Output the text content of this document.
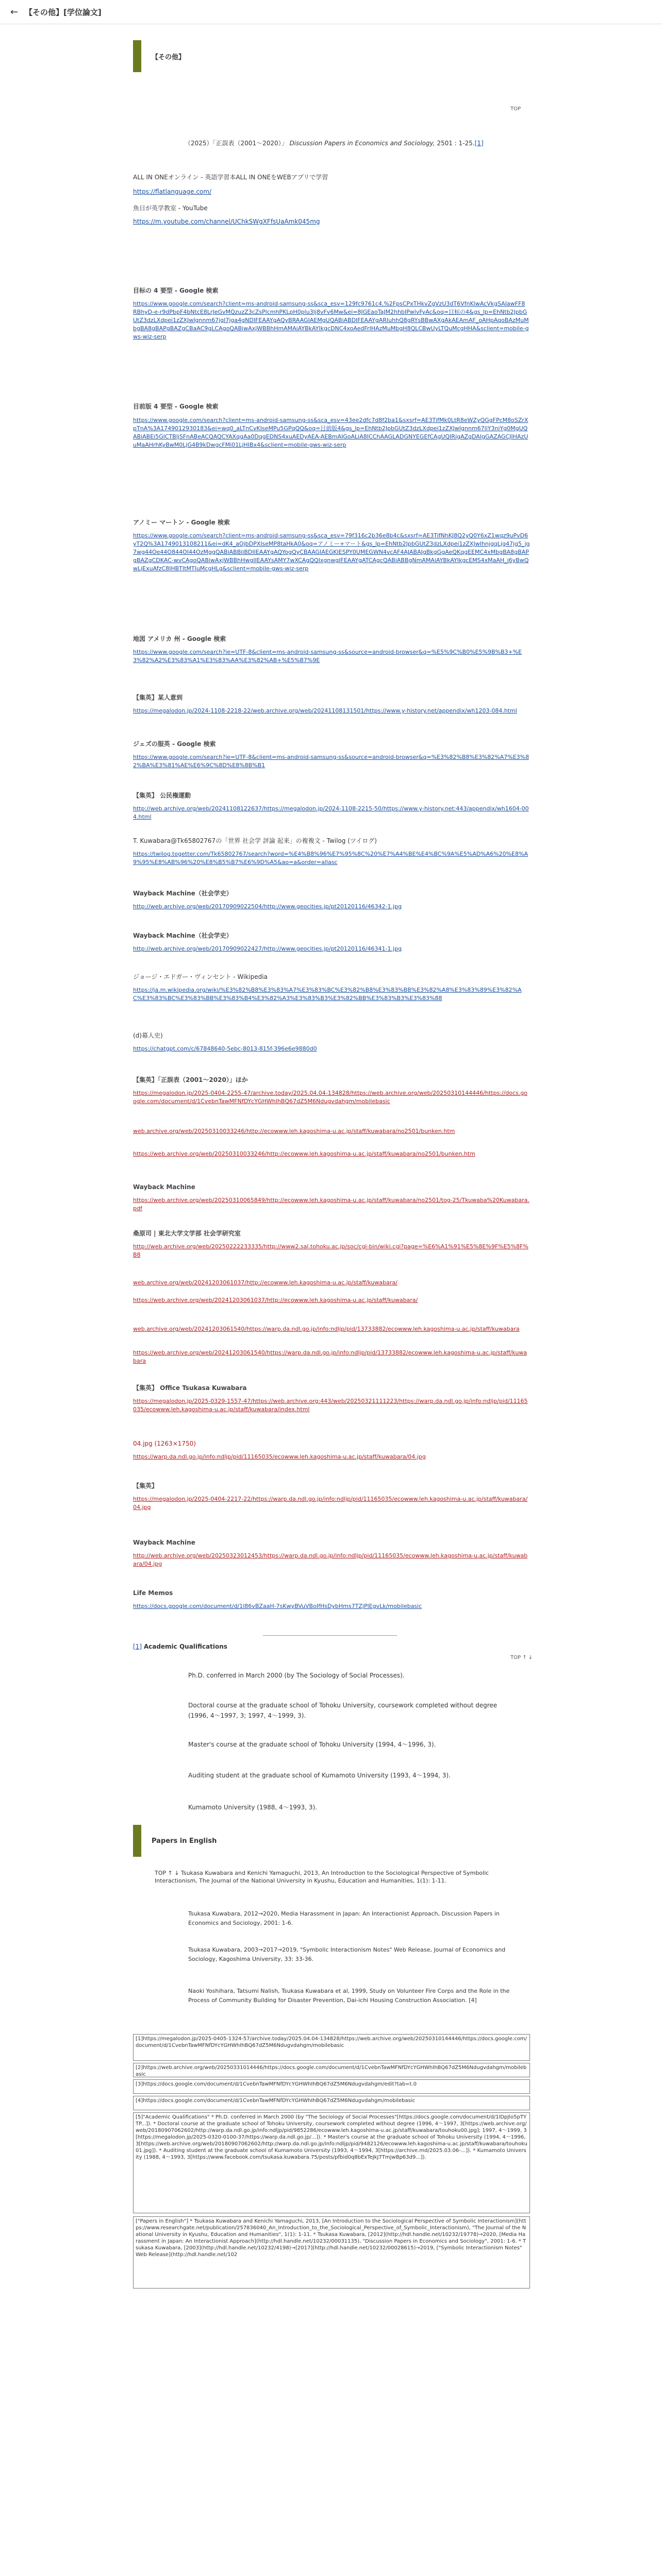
← 【その他】[学位論文]
【その他】
TOP
（2025）「正誤表（2001〜2020）」 Discussion Papers in Economics and Sociology, 2501 : 1-25.[1]
ALL IN ONEオンライン - 英語学習本ALL IN ONEをWEBアプリで学習
https://flatlanguage.com/
魚日が英学教室 - YouTube
https://m.youtube.com/channel/UChkSWgXFfsUaAmk045mg
目标の 4 要型 - Google 検索
https://www.google.com/search?client=ms-android-samsung-ss&sca_esv=129fc9761c4.%2FpsCPxTHkvZgVzU3dT6VfnKlwAcVkgSAIawFF8 RBhyD-e-r9dPbpF4bNtcE8LrJeGvMQzuzZ3cZsPlcmhPKLpH0plu3Ij8vFv6Mw&ei=8JGEaoTaJM2hhbIPwlvFyAc&oq=目标の4&gs_lp=EhNtb2JpbGUtZ3dzLXdpei1zZXJwIgnnm67jgI7jga4gNDIFEAAYgAQyBRAAGIAEMgUQABiABDIFEAAYgARIuhhQ8gRYsBBwAXgAkAEAmAF_oAHpAqoBAzMuMbgBA8gBAPgBAZgCBaAC9gLCAgoQABiwAxjWBBhHmAMAiAYBkAYIkgcDNC4xoAedFrIHAzMuMbgH8QLCBwUyLTQuMcgHHA&sclient=mobile-gws-wiz-serp
目前版 4 要型 - Google 検索
https://www.google.com/search?client=ms-android-samsung-ss&sca_esv=43ee2dfc7d8f2ba1&sxsrf=AE3TifMk0LtR8eWZyQGgFPcM8oSZrXpTnA%3A1749012930183&ei=wq0_aLTnCvKIseMPu5GPqQQ&oq=目前版4&gs_lp=EhNtb2JpbGUtZ3dzLXdpei1zZXJwIgnnm67liY3niYg0MgUQABiABEi5GlCTBljSFnABeACQAQCYAXqgAa0DqgEDNS4xuAEDyAEA-AEBmAIGoALiA8ICChAAGLADGNYEGEfCAgUQIRigAZgDAIgGAZAGCJIHAzUuMaAHrhKyBwM0LjG4B9kDwgcFMi01LjHIBx4&sclient=mobile-gws-wiz-serp
アノミー マートン - Google 検索
https://www.google.com/search?client=ms-android-samsung-ss&sca_esv=79f316c2b36e8b4c&sxsrf=AE3TifNhKJ8Q2yQ0Y6xZ1wqz9uPvD6yT2Q%3A1749013108211&ei=dK4_aOjbDPXIseMP8taHkA0&oq=アノミー+マート&gs_lp=EhNtb2JpbGUtZ3dzLXdpei1zZXJwIhnjgqLjg47jg5_jg7wg44Oe44O844OI44OzMggQABiABBiiBDIIEAAYgAQYogQyCBAAGIAEGKIESPY0UMEGWN4vcAF4AJABAJgBkgGgAeQKqgEEMC4xMbgBA8gBAPgBAZgCDKAC-wvCAgoQABiwAxjWBBhHwgIIEAAYsAMY7wXCAgQQIxgnwgIFEAAYgATCAgcQABiABBgNmAMAiAYBkAYIkgcEMS4xMaAH_i6yBwQwLjExuAfzC8IHBTItMTIuMcgHLg&sclient=mobile-gws-wiz-serp
地図 アメリカ 州 - Google 検索
https://www.google.com/search?ie=UTF-8&client=ms-android-samsung-ss&source=android-browser&q=%E5%9C%B0%E5%9B%B3+%E3%82%A2%E3%83%A1%E3%83%AA%E3%82%AB+%E5%B7%9E
【集英】某人意到
https://megalodon.jp/2024-1108-2218-22/web.archive.org/web/20241108131501/https://www.y-history.net/appendix/wh1203-084.html
ジェズの服英 - Google 検索
https://www.google.com/search?ie=UTF-8&client=ms-android-samsung-ss&source=android-browser&q=%E3%82%B8%E3%82%A7%E3%82%BA%E3%81%AE%E6%9C%8D%E8%8B%B1
【集英】 公民権運動
http://web.archive.org/web/20241108122637/https://megalodon.jp/2024-1108-2215-50/https://www.y-history.net:443/appendix/wh1604-004.html
T. Kuwabara@Tk65802767の「世界 社会学 評論 起来」の複複文 - Twilog (ツイログ)
https://twilog.togetter.com/Tk65802767/search?word=%E4%B8%96%E7%95%8C%20%E7%A4%BE%E4%BC%9A%E5%AD%A6%20%E8%A9%95%E8%AB%96%20%E8%B5%B7%E6%9D%A5&ao=a&order=allasc
Wayback Machine（社会学史）
http://web.archive.org/web/20170909022504/http://www.geocities.jp/pt20120116/46342-1.jpg
Wayback Machine（社会学史）
http://web.archive.org/web/20170909022427/http://www.geocities.jp/pt20120116/46341-1.jpg
ジョージ・エドガー・ヴィンセント - Wikipedia
https://ja.m.wikipedia.org/wiki/%E3%82%B8%E3%83%A7%E3%83%BC%E3%82%B8%E3%83%BB%E3%82%A8%E3%83%89%E3%82%AC%E3%83%BC%E3%83%BB%E3%83%B4%E3%82%A3%E3%83%B3%E3%82%BB%E3%83%B3%E3%83%88
(d)幕人史)
https://chatgpt.com/c/67848640-5ebc-8013-815f-396e6e9880d0
【集英】「正誤表（2001〜2020）」ほか
https://megalodon.jp/2025-0404-2255-47/archive.today/2025.04.04-134828/https://web.archive.org/web/20250310144446/https://docs.google.com/document/d/1CvebnTawMFNfDYcYGHWhIhBQ67dZ5M6Ndugvdahgm/mobilebasic
web.archive.org/web/20250310033246/http://ecowww.leh.kagoshima-u.ac.jp/staff/kuwabara/no2501/bunken.htm
https://web.archive.org/web/20250310033246/http://ecowww.leh.kagoshima-u.ac.jp/staff/kuwabara/no2501/bunken.htm
Wayback Machine
https://web.archive.org/web/20250310065849/http://ecowww.leh.kagoshima-u.ac.jp/staff/kuwabara/no2501/tog-25/Tkuwaba%20Kuwabara.pdf
桑原司 | 東北大学文学部 社会学研究室
http://web.archive.org/web/20250222233335/http://www2.sal.tohoku.ac.jp/soc/cgi-bin/wiki.cgi?page=%E6%A1%91%E5%8E%9F%E5%8F%B8
web.archive.org/web/20241203061037/http://ecowww.leh.kagoshima-u.ac.jp/staff/kuwabara/
https://web.archive.org/web/20241203061037/http://ecowww.leh.kagoshima-u.ac.jp/staff/kuwabara/
web.archive.org/web/20241203061540/https://warp.da.ndl.go.jp/info:ndljp/pid/13733882/ecowww.leh.kagoshima-u.ac.jp/staff/kuwabara
https://web.archive.org/web/20241203061540/https://warp.da.ndl.go.jp/info:ndljp/pid/13733882/ecowww.leh.kagoshima-u.ac.jp/staff/kuwabara
【集英】 Office Tsukasa Kuwabara
https://megalodon.jp/2025-0329-1557-47/https://web.archive.org:443/web/20250321111223/https://warp.da.ndl.go.jp/info:ndljp/pid/11165035/ecowww.leh.kagoshima-u.ac.jp/staff/kuwabara/index.html
04.jpg (1263×1750)
https://warp.da.ndl.go.jp/info:ndljp/pid/11165035/ecowww.leh.kagoshima-u.ac.jp/staff/kuwabara/04.jpg
【集英】
https://megalodon.jp/2025-0404-2217-22/https://warp.da.ndl.go.jp/info:ndljp/pid/11165035/ecowww.leh.kagoshima-u.ac.jp/staff/kuwabara/04.jpg
Wayback Machine
http://web.archive.org/web/20250323012453/https://warp.da.ndl.go.jp/info:ndljp/pid/11165035/ecowww.leh.kagoshima-u.ac.jp/staff/kuwabara/04.jpg
Life Memos
https://docs.google.com/document/d/1l86vBZaaH-7sKwyBVuVBoIfHsDybHms7TZjPlEgvLk/mobilebasic
[1] Academic Qualifications
TOP ↑ ↓
Ph.D. conferred in March 2000 (by The Sociology of Social Processes).
Doctoral course at the graduate school of Tohoku University, coursework completed without degree (1996, 4〜1997, 3; 1997, 4〜1999, 3).
Master's course at the graduate school of Tohoku University (1994, 4〜1996, 3).
Auditing student at the graduate school of Kumamoto University (1993, 4〜1994, 3).
Kumamoto University (1988, 4〜1993, 3).
Papers in English
TOP ↑ ↓ Tsukasa Kuwabara and Kenichi Yamaguchi, 2013, An Introduction to the Sociological Perspective of Symbolic Interactionism, The Journal of the National University in Kyushu, Education and Humanities, 1(1): 1-11.
Tsukasa Kuwabara, 2012→2020, Media Harassment in Japan: An Interactionist Approach, Discussion Papers in Economics and Sociology, 2001: 1-6.
Tsukasa Kuwabara, 2003→2017→2019, "Symbolic Interactionism Notes" Web Release, Journal of Economics and Sociology, Kagoshima University, 33: 33-36.
Naoki Yoshihara, Tatsumi Nalish, Tsukasa Kuwabara et al, 1999, Study on Volunteer Fire Corps and the Role in the Process of Community Building for Disaster Prevention, Dai-ichi Housing Construction Association. [4]
[1]https://megalodon.jp/2025-0405-1324-57/archive.today/2025.04.04-134828/https://web.archive.org/web/20250310144446/https://docs.google.com/document/d/1CvebnTawMFNfDYcYGHWhIhBQ67dZ5M6Ndugvdahgm/mobilebasic
[2]https://web.archive.org/web/20250331014446/https://docs.google.com/document/d/1CvebnTawMFNfDYcYGHWhIhBQ67dZ5M6Ndugvdahgm/mobilebasic
[3]https://docs.google.com/document/d/1CvebnTawMFNfDYcYGHWhIhBQ67dZ5M6Ndugvdahgm/edit?tab=t.0
[4]https://docs.google.com/document/d/1CvebnTawMFNfDYcYGHWhIhBQ67dZ5M6Ndugvdahgm/mobilebasic
[5]"Academic Qualifications" * Ph.D. conferred in March 2000 (by "The Sociology of Social Processes"[https://docs.google.com/document/d/1lDpJlo5pTYTP...]). * Doctoral course at the graduate school of Tohoku University, coursework completed without degree (1996, 4〜1997, 3[https://web.archive.org/web/20180907062602/http://warp.da.ndl.go.jp/info:ndljp/pid/9852286/ecowww.leh.kagoshima-u.ac.jp/staff/kuwabara/touhoku00.jpg]; 1997, 4〜1999, 3[https://megalodon.jp/2025-0320-0100-37/https://warp.da.ndl.go.jp/...]). * Master's course at the graduate school of Tohoku University (1994, 4〜1996, 3[https://web.archive.org/web/20180907062602/http://warp.da.ndl.go.jp/info:ndljp/pid/9482126/ecowww.leh.kagoshima-u.ac.jp/staff/kuwabara/touhoku01.jpg]). * Auditing student at the graduate school of Kumamoto University (1993, 4〜1994, 3[https://archive.md/2025.03.06-...]). * Kumamoto University (1988, 4〜1993, 3[https://www.facebook.com/tsukasa.kuwabara.75/posts/pfbid0q8bExTeJkJ7TmjwBp63d9...]).
["Papers in English"] * Tsukasa Kuwabara and Kenichi Yamaguchi, 2013, [An Introduction to the Sociological Perspective of Symbolic Interactionism](https://www.researchgate.net/publication/257836040_An_Introduction_to_the_Sociological_Perspective_of_Symbolic_Interactionism), "The Journal of the National University in Kyushu, Education and Humanities", 1(1): 1-11. * Tsukasa Kuwabara, [2012](http://hdl.handle.net/10232/19778)→2020, [Media Harassment in Japan: An Interactionist Approach](http://hdl.handle.net/10232/00031135), "Discussion Papers in Economics and Sociology", 2001: 1-6. * Tsukasa Kuwabara, [2003](http://hdl.handle.net/10232/4198)→[2017](http://hdl.handle.net/10232/00028615)→2019, ["Symbolic Interactionism Notes" Web Release](http://hdl.handle.net/102
